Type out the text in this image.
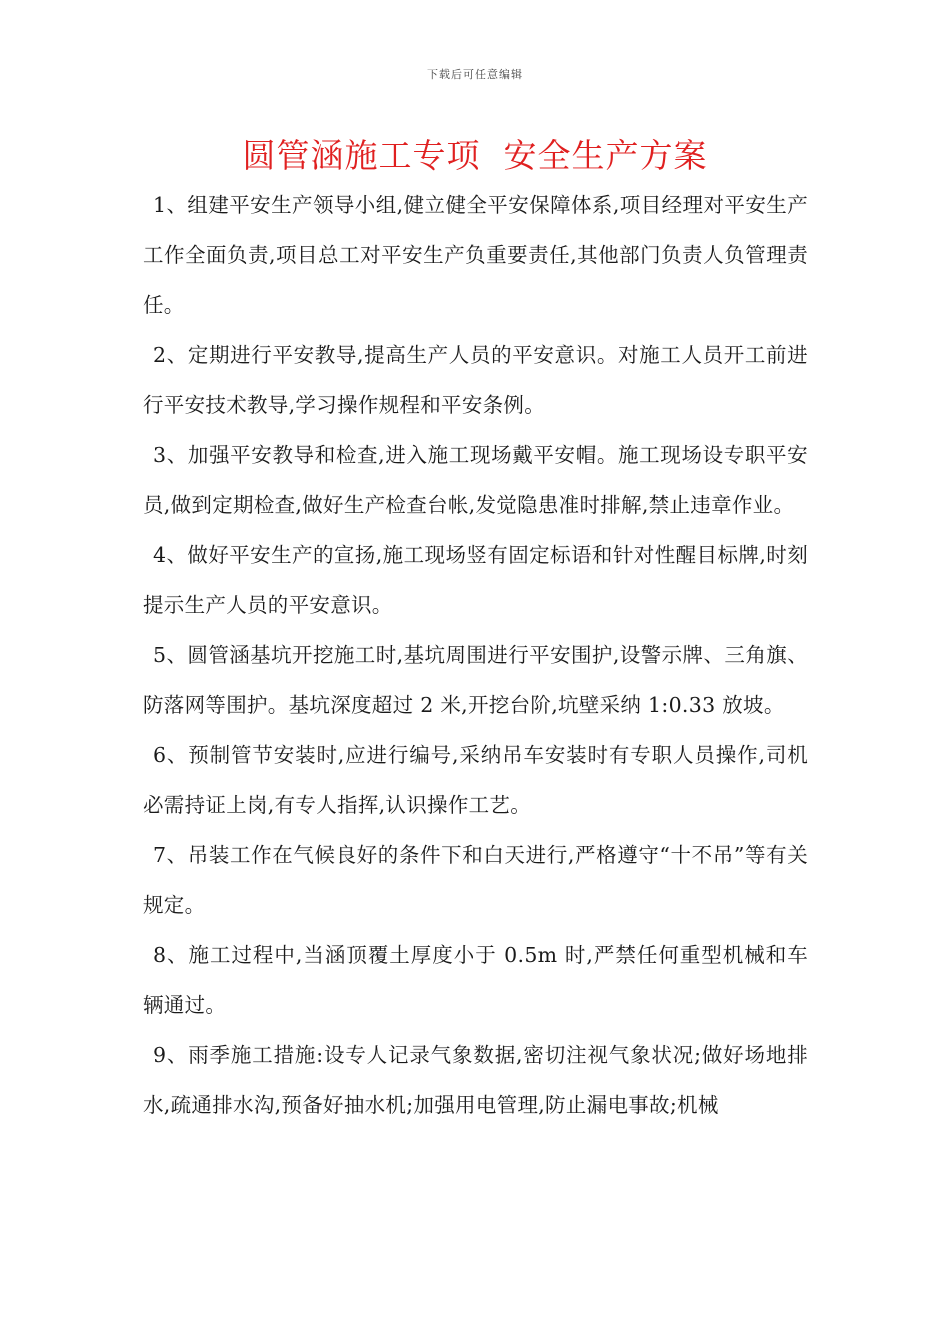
下载后可任意编辑
圆管涵施工专项  安全生产方案

1、组建平安生产领导小组,健立健全平安保障体系,项目经理对平安生产工作全面负责,项目总工对平安生产负重要责任,其他部门负责人负管理责任。

2、定期进行平安教导,提高生产人员的平安意识。对施工人员开工前进行平安技术教导,学习操作规程和平安条例。

3、加强平安教导和检查,进入施工现场戴平安帽。施工现场设专职平安员,做到定期检查,做好生产检查台帐,发觉隐患准时排解,禁止违章作业。

4、做好平安生产的宣扬,施工现场竖有固定标语和针对性醒目标牌,时刻提示生产人员的平安意识。

5、圆管涵基坑开挖施工时,基坑周围进行平安围护,设警示牌、三角旗、防落网等围护。基坑深度超过 2 米,开挖台阶,坑壁采纳 1:0.33 放坡。

6、预制管节安装时,应进行编号,采纳吊车安装时有专职人员操作,司机必需持证上岗,有专人指挥,认识操作工艺。

7、吊装工作在气候良好的条件下和白天进行,严格遵守“十不吊”等有关规定。

8、施工过程中,当涵顶覆土厚度小于 0.5m 时,严禁任何重型机械和车辆通过。

9、雨季施工措施:设专人记录气象数据,密切注视气象状况;做好场地排水,疏通排水沟,预备好抽水机;加强用电管理,防止漏电事故;机械
